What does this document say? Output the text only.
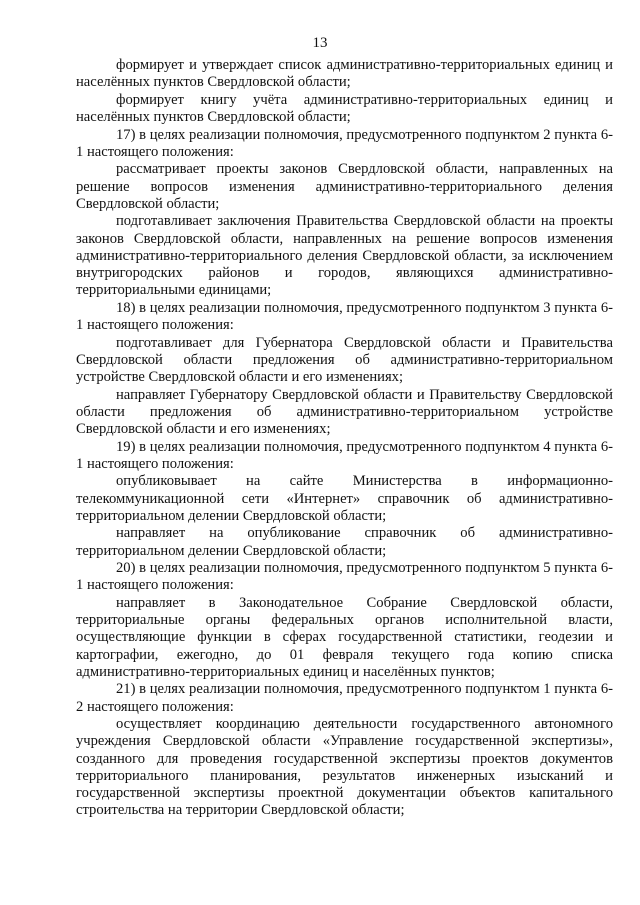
13

формирует и утверждает список административно-территориальных единиц и населённых пунктов Свердловской области;

формирует книгу учёта административно-территориальных единиц и населённых пунктов Свердловской области;

17) в целях реализации полномочия, предусмотренного подпунктом 2 пункта 6-1 настоящего положения:

рассматривает проекты законов Свердловской области, направленных на решение вопросов изменения административно-территориального деления Свердловской области;

подготавливает заключения Правительства Свердловской области на проекты законов Свердловской области, направленных на решение вопросов изменения административно-территориального деления Свердловской области, за исключением внутригородских районов и городов, являющихся административно-территориальными единицами;

18) в целях реализации полномочия, предусмотренного подпунктом 3 пункта 6-1 настоящего положения:

подготавливает для Губернатора Свердловской области и Правительства Свердловской области предложения об административно-территориальном устройстве Свердловской области и его изменениях;

направляет Губернатору Свердловской области и Правительству Свердловской области предложения об административно-территориальном устройстве Свердловской области и его изменениях;

19) в целях реализации полномочия, предусмотренного подпунктом 4 пункта 6-1 настоящего положения:

опубликовывает на сайте Министерства в информационно-телекоммуникационной сети «Интернет» справочник об административно-территориальном делении Свердловской области;

направляет на опубликование справочник об административно-территориальном делении Свердловской области;

20) в целях реализации полномочия, предусмотренного подпунктом 5 пункта 6-1 настоящего положения:

направляет в Законодательное Собрание Свердловской области, территориальные органы федеральных органов исполнительной власти, осуществляющие функции в сферах государственной статистики, геодезии и картографии, ежегодно, до 01 февраля текущего года копию списка административно-территориальных единиц и населённых пунктов;

21) в целях реализации полномочия, предусмотренного подпунктом 1 пункта 6-2 настоящего положения:

осуществляет координацию деятельности государственного автономного учреждения Свердловской области «Управление государственной экспертизы», созданного для проведения государственной экспертизы проектов документов территориального планирования, результатов инженерных изысканий и государственной экспертизы проектной документации объектов капитального строительства на территории Свердловской области;
